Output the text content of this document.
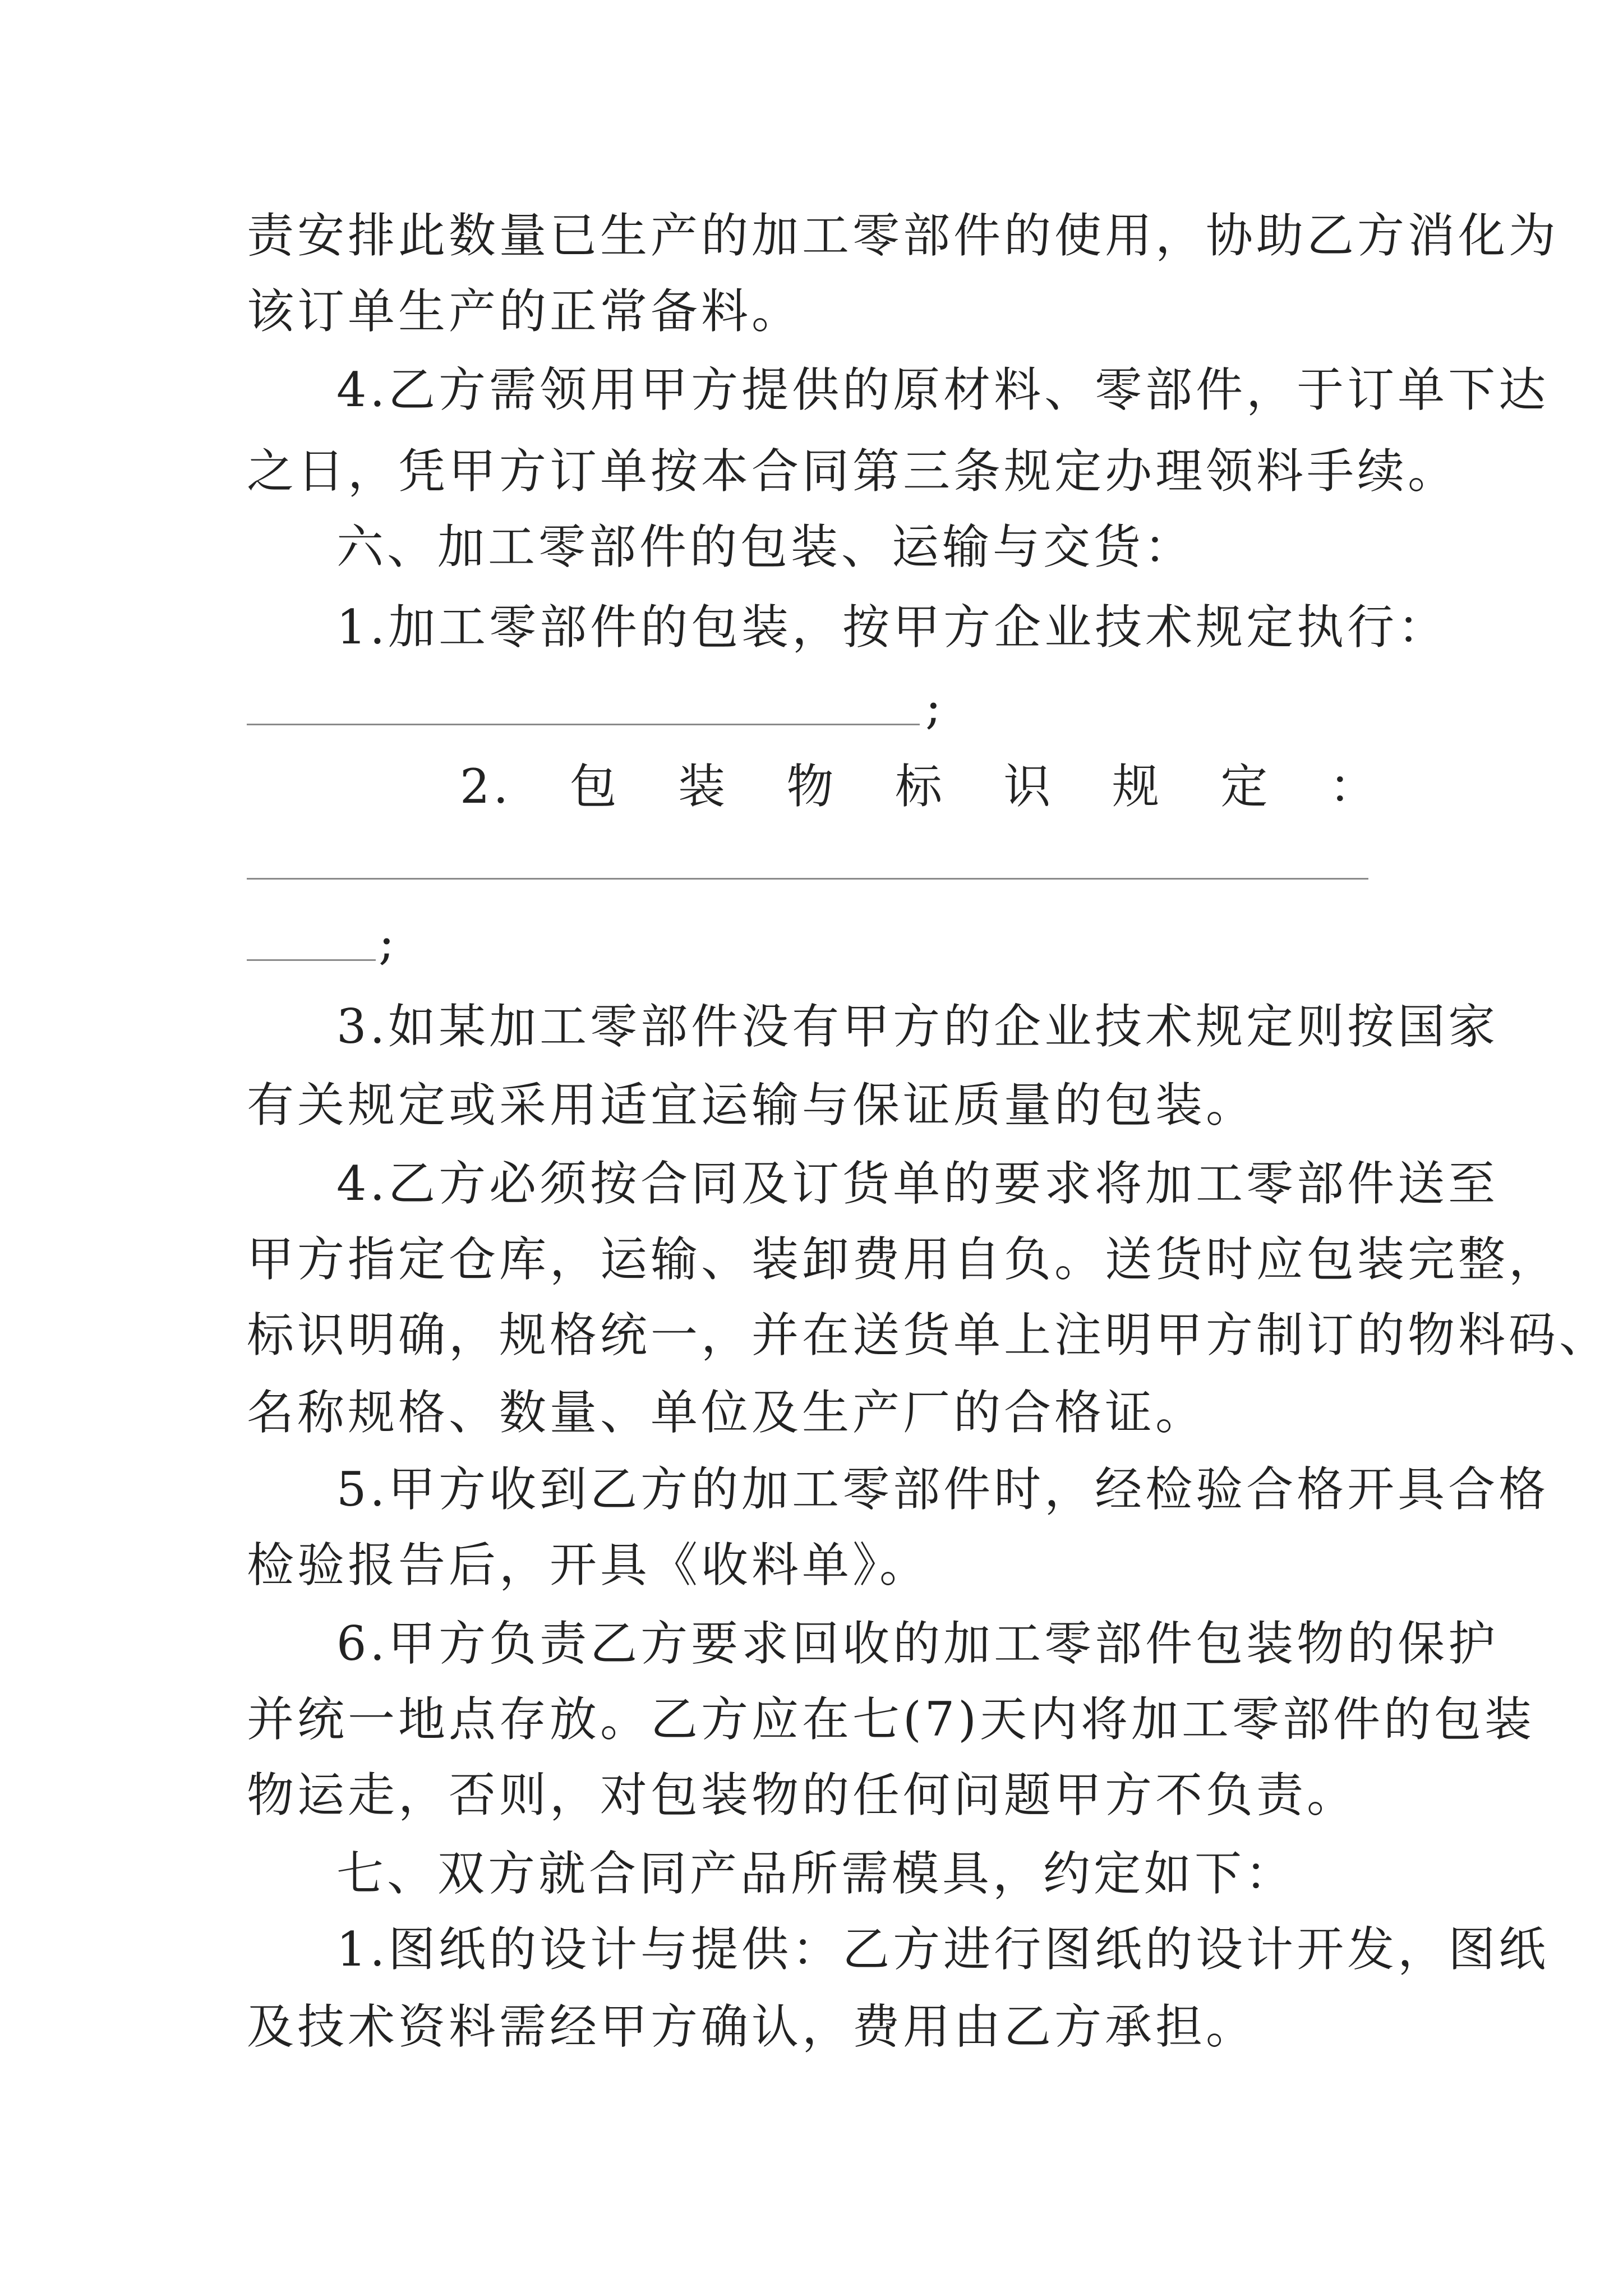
责安排此数量已生产的加工零部件的使用，协助乙方消化为
该订单生产的正常备料。
4.乙方需领用甲方提供的原材料、零部件，于订单下达
之日，凭甲方订单按本合同第三条规定办理领料手续。
六、加工零部件的包装、运输与交货：
1.加工零部件的包装，按甲方企业技术规定执行：
;
2. 包 装 物 标 识 规 定 ：
;
3.如某加工零部件没有甲方的企业技术规定则按国家
有关规定或采用适宜运输与保证质量的包装。
4.乙方必须按合同及订货单的要求将加工零部件送至
甲方指定仓库，运输、装卸费用自负。送货时应包装完整，
标识明确，规格统一，并在送货单上注明甲方制订的物料码、
名称规格、数量、单位及生产厂的合格证。
5.甲方收到乙方的加工零部件时，经检验合格开具合格
检验报告后，开具《收料单》。
6.甲方负责乙方要求回收的加工零部件包装物的保护
并统一地点存放。乙方应在七(7)天内将加工零部件的包装
物运走，否则，对包装物的任何问题甲方不负责。
七、双方就合同产品所需模具，约定如下：
1.图纸的设计与提供：乙方进行图纸的设计开发，图纸
及技术资料需经甲方确认，费用由乙方承担。
